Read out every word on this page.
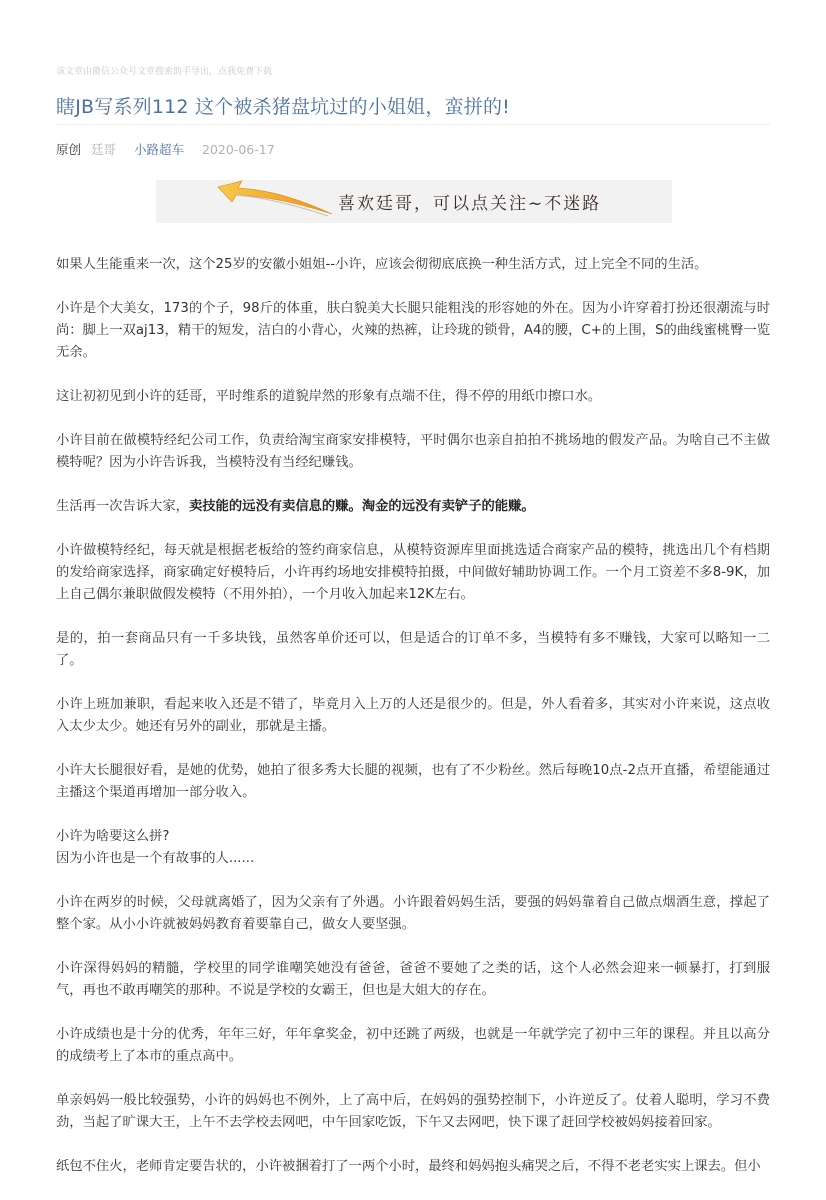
该文章由微信公众号文章搜索助手导出，点我免费下载
瞎JB写系列112 这个被杀猪盘坑过的小姐姐，蛮拼的!
原创 廷哥 小路超车 2020-06-17
喜欢廷哥，可以点关注~不迷路

如果人生能重来一次，这个25岁的安徽小姐姐--小许，应该会彻彻底底换一种生活方式，过上完全不同的生活。

小许是个大美女，173的个子，98斤的体重，肤白貌美大长腿只能粗浅的形容她的外在。因为小许穿着打扮还很潮流与时尚：脚上一双aj13，精干的短发，洁白的小背心，火辣的热裤，让玲珑的锁骨，A4的腰，C+的上围，S的曲线蜜桃臀一览无余。

这让初初见到小许的廷哥，平时维系的道貌岸然的形象有点端不住，得不停的用纸巾擦口水。

小许目前在做模特经纪公司工作，负责给淘宝商家安排模特，平时偶尔也亲自拍拍不挑场地的假发产品。为啥自己不主做模特呢？因为小许告诉我，当模特没有当经纪赚钱。

生活再一次告诉大家，卖技能的远没有卖信息的赚。淘金的远没有卖铲子的能赚。

小许做模特经纪，每天就是根据老板给的签约商家信息，从模特资源库里面挑选适合商家产品的模特，挑选出几个有档期的发给商家选择，商家确定好模特后，小许再约场地安排模特拍摄，中间做好辅助协调工作。一个月工资差不多8-9K，加上自己偶尔兼职做假发模特（不用外拍），一个月收入加起来12K左右。

是的，拍一套商品只有一千多块钱，虽然客单价还可以，但是适合的订单不多，当模特有多不赚钱，大家可以略知一二了。

小许上班加兼职，看起来收入还是不错了，毕竟月入上万的人还是很少的。但是，外人看着多，其实对小许来说，这点收入太少太少。她还有另外的副业，那就是主播。

小许大长腿很好看，是她的优势，她拍了很多秀大长腿的视频，也有了不少粉丝。然后每晚10点-2点开直播，希望能通过主播这个渠道再增加一部分收入。

小许为啥要这么拼?

因为小许也是一个有故事的人......

小许在两岁的时候，父母就离婚了，因为父亲有了外遇。小许跟着妈妈生活，要强的妈妈靠着自己做点烟酒生意，撑起了整个家。从小小许就被妈妈教育着要靠自己，做女人要坚强。

小许深得妈妈的精髓，学校里的同学谁嘲笑她没有爸爸，爸爸不要她了之类的话，这个人必然会迎来一顿暴打，打到服气，再也不敢再嘲笑的那种。不说是学校的女霸王，但也是大姐大的存在。

小许成绩也是十分的优秀，年年三好，年年拿奖金，初中还跳了两级，也就是一年就学完了初中三年的课程。并且以高分的成绩考上了本市的重点高中。

单亲妈妈一般比较强势，小许的妈妈也不例外，上了高中后，在妈妈的强势控制下，小许逆反了。仗着人聪明，学习不费劲，当起了旷课大王，上午不去学校去网吧，中午回家吃饭，下午又去网吧，快下课了赶回学校被妈妈接着回家。

纸包不住火，老师肯定要告状的，小许被捆着打了一两个小时，最终和妈妈抱头痛哭之后，不得不老老实实上课去。但小
